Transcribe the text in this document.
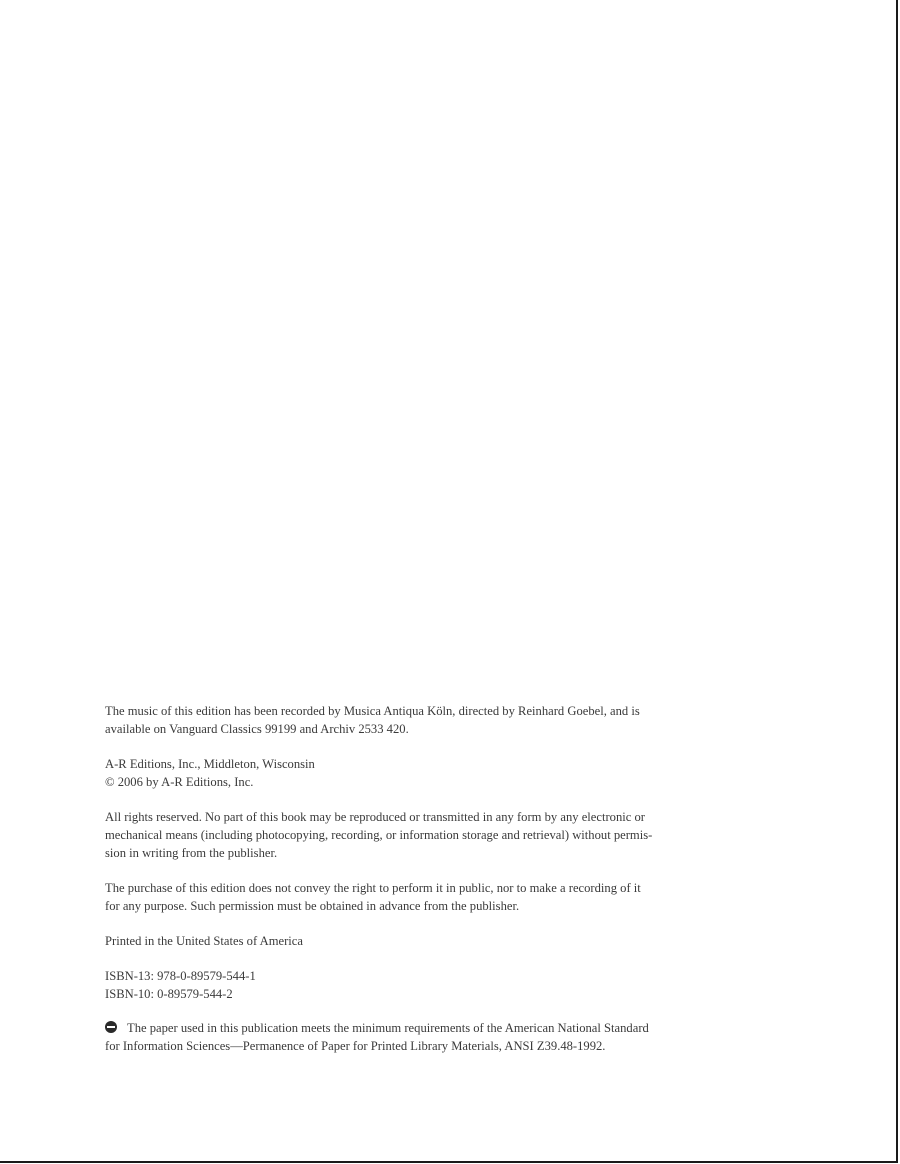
The music of this edition has been recorded by Musica Antiqua Köln, directed by Reinhard Goebel, and is
available on Vanguard Classics 99199 and Archiv 2533 420.

A-R Editions, Inc., Middleton, Wisconsin
© 2006 by A-R Editions, Inc.

All rights reserved. No part of this book may be reproduced or transmitted in any form by any electronic or
mechanical means (including photocopying, recording, or information storage and retrieval) without permis-
sion in writing from the publisher.

The purchase of this edition does not convey the right to perform it in public, nor to make a recording of it
for any purpose. Such permission must be obtained in advance from the publisher.

Printed in the United States of America

ISBN-13: 978-0-89579-544-1
ISBN-10: 0-89579-544-2

The paper used in this publication meets the minimum requirements of the American National Standard
for Information Sciences—Permanence of Paper for Printed Library Materials, ANSI Z39.48-1992.
